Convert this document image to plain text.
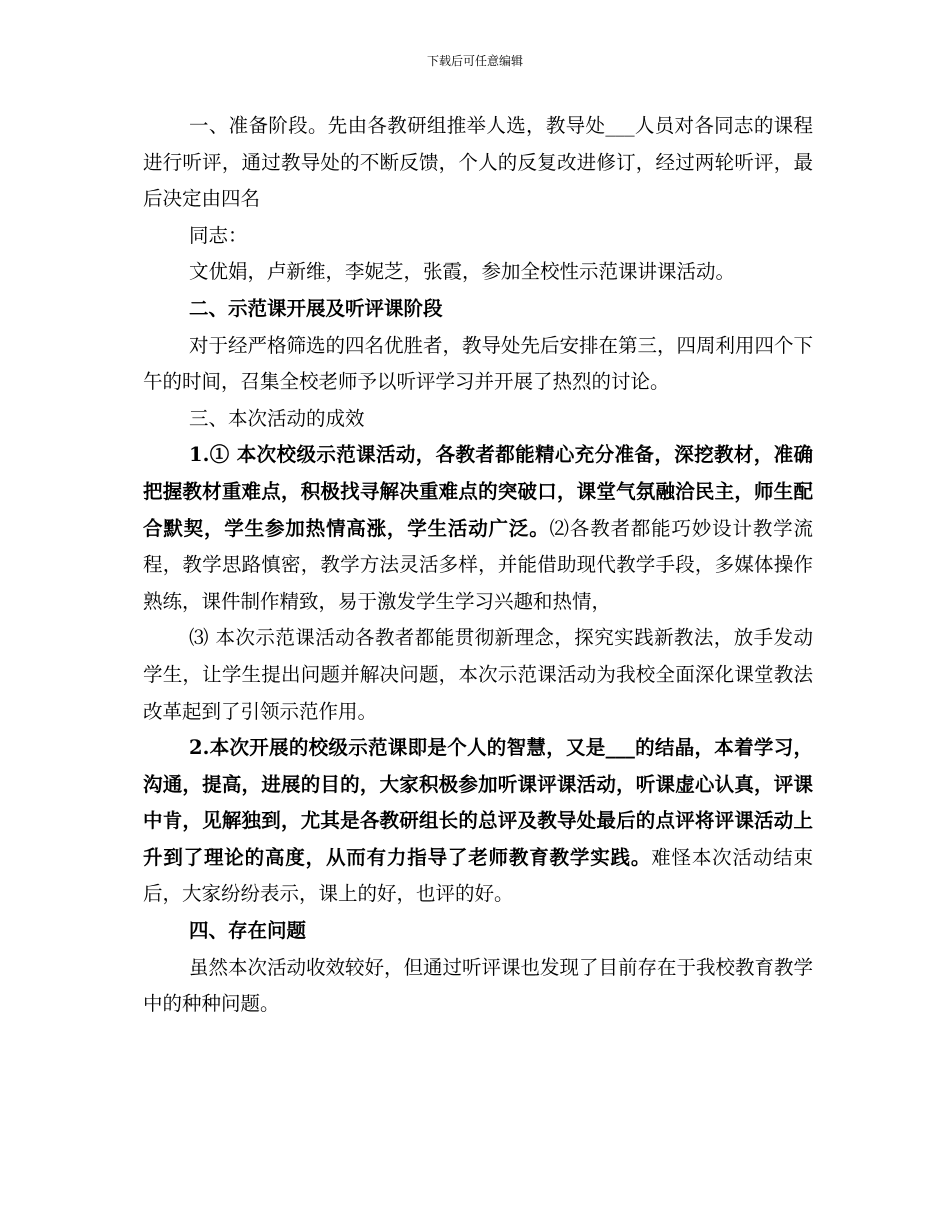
下载后可任意编辑

一、准备阶段。先由各教研组推举人选，教导处___人员对各同志的课程进行听评，通过教导处的不断反馈，个人的反复改进修订，经过两轮听评，最后决定由四名

同志：

文优娟，卢新维，李妮芝，张霞，参加全校性示范课讲课活动。

二、示范课开展及听评课阶段

对于经严格筛选的四名优胜者，教导处先后安排在第三，四周利用四个下午的时间，召集全校老师予以听评学习并开展了热烈的讨论。

三、本次活动的成效

1.① 本次校级示范课活动，各教者都能精心充分准备，深挖教材，准确把握教材重难点，积极找寻解决重难点的突破口，课堂气氛融洽民主，师生配合默契，学生参加热情高涨，学生活动广泛。⑵各教者都能巧妙设计教学流程，教学思路慎密，教学方法灵活多样，并能借助现代教学手段，多媒体操作熟练，课件制作精致，易于激发学生学习兴趣和热情，

⑶ 本次示范课活动各教者都能贯彻新理念，探究实践新教法，放手发动学生，让学生提出问题并解决问题，本次示范课活动为我校全面深化课堂教法改革起到了引领示范作用。

2.本次开展的校级示范课即是个人的智慧，又是___的结晶，本着学习，沟通，提高，进展的目的，大家积极参加听课评课活动，听课虚心认真，评课中肯，见解独到，尤其是各教研组长的总评及教导处最后的点评将评课活动上升到了理论的高度，从而有力指导了老师教育教学实践。难怪本次活动结束后，大家纷纷表示，课上的好，也评的好。

四、存在问题

虽然本次活动收效较好，但通过听评课也发现了目前存在于我校教育教学中的种种问题。
